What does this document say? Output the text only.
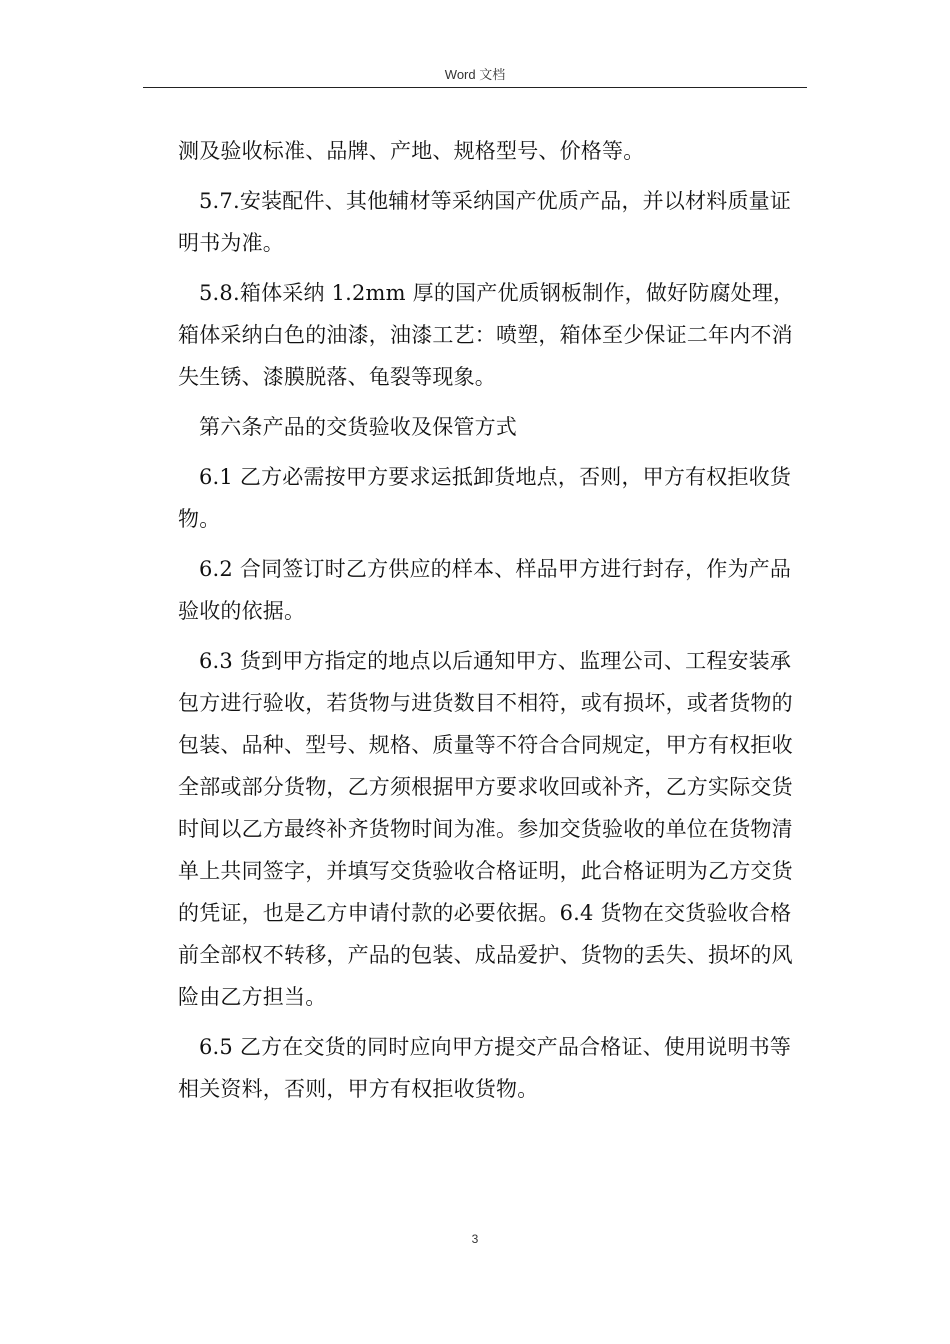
Word 文档

测及验收标准、品牌、产地、规格型号、价格等。

5.7.安装配件、其他辅材等采纳国产优质产品，并以材料质量证明书为准。

5.8.箱体采纳 1.2mm 厚的国产优质钢板制作，做好防腐处理，箱体采纳白色的油漆，油漆工艺：喷塑，箱体至少保证二年内不消失生锈、漆膜脱落、龟裂等现象。

第六条产品的交货验收及保管方式

6.1 乙方必需按甲方要求运抵卸货地点，否则，甲方有权拒收货物。

6.2 合同签订时乙方供应的样本、样品甲方进行封存，作为产品验收的依据。

6.3 货到甲方指定的地点以后通知甲方、监理公司、工程安装承包方进行验收，若货物与进货数目不相符，或有损坏，或者货物的包装、品种、型号、规格、质量等不符合合同规定，甲方有权拒收全部或部分货物，乙方须根据甲方要求收回或补齐，乙方实际交货时间以乙方最终补齐货物时间为准。参加交货验收的单位在货物清单上共同签字，并填写交货验收合格证明，此合格证明为乙方交货的凭证，也是乙方申请付款的必要依据。6.4 货物在交货验收合格前全部权不转移，产品的包装、成品爱护、货物的丢失、损坏的风险由乙方担当。

6.5 乙方在交货的同时应向甲方提交产品合格证、使用说明书等相关资料，否则，甲方有权拒收货物。

3
